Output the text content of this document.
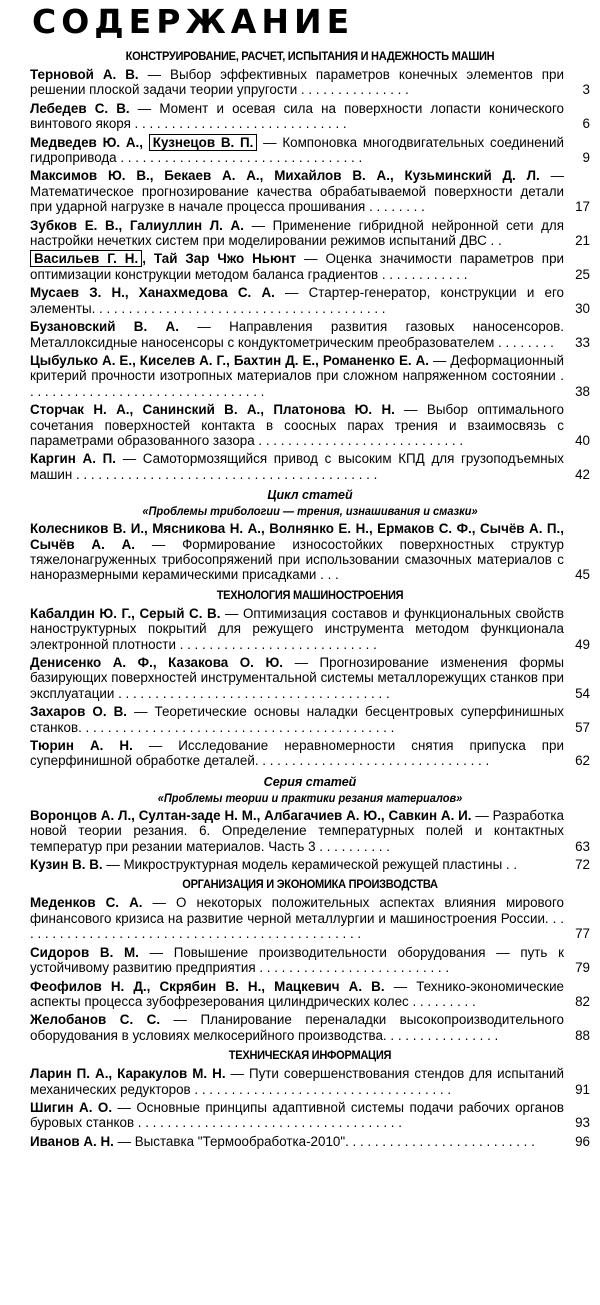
СОДЕРЖАНИЕ
КОНСТРУИРОВАНИЕ, РАСЧЕТ, ИСПЫТАНИЯ И НАДЕЖНОСТЬ МАШИН
Терновой А. В. — Выбор эффективных параметров конечных элементов при решении плоской задачи теории упругости . . . . . . . . . . . . . . .	3
Лебедев С. В. — Момент и осевая сила на поверхности лопасти конического винтового якоря . . . . . . . . . . . . . . . . . . . . . . . . . . . . .	6
Медведев Ю. А., Кузнецов В. П. — Компоновка многодвигательных соединений гидропривода . . . . . . . . . . . . . . . . . . . . . . . . . . . . . . . . .	9
Максимов Ю. В., Бекаев А. А., Михайлов В. А., Кузьминский Д. Л. — Математическое прогнозирование качества обрабатываемой поверхности детали при ударной нагрузке в начале процесса прошивания . . . . . . . .	17
Зубков Е. В., Галиуллин Л. А. — Применение гибридной нейронной сети для настройки нечетких систем при моделировании режимов испытаний ДВС . .	21
Васильев Г. Н. , Тай Зар Чжо Ньюнт — Оценка значимости параметров при оптимизации конструкции методом баланса градиентов . . . . . . . . . . . .	25
Мусаев З. Н., Ханахмедова С. А. — Стартер-генератор, конструкции и его элементы. . . . . . . . . . . . . . . . . . . . . . . . . . . . . . . . . . . . . . . .	30
Бузановский В. А. — Направления развития газовых наносенсоров. Металлоксидные наносенсоры с кондуктометрическим преобразователем . . . . . . . .	33
Цыбулько А. Е., Киселев А. Г., Бахтин Д. Е., Романенко Е. А. — Деформационный критерий прочности изотропных материалов при сложном напряженном состоянии . . . . . . . . . . . . . . . . . . . . . . . . . . . . . . . . .	38
Сторчак Н. А., Санинский В. А., Платонова Ю. Н. — Выбор оптимального сочетания поверхностей контакта в соосных парах трения и взаимосвязь с параметрами образованного зазора . . . . . . . . . . . . . . . . . . . . . . . . . . . .	40
Каргин А. П. — Самотормозящийся привод с высоким КПД для грузоподъемных машин . . . . . . . . . . . . . . . . . . . . . . . . . . . . . . . . . . . . . . . . .	42
Цикл статей
«Проблемы трибологии — трения, изнашивания и смазки»
Колесников В. И., Мясникова Н. А., Волнянко Е. Н., Ермаков С. Ф., Сычёв А. П., Сычёв А. А. — Формирование износостойких поверхностных структур тяжелонагруженных трибосопряжений при использовании смазочных материалов с наноразмерными керамическими присадками . . .	45
ТЕХНОЛОГИЯ МАШИНОСТРОЕНИЯ
Кабалдин Ю. Г., Серый С. В. — Оптимизация составов и функциональных свойств наноструктурных покрытий для режущего инструмента методом функционала электронной плотности . . . . . . . . . . . . . . . . . . . . . . . . . . .	49
Денисенко А. Ф., Казакова О. Ю. — Прогнозирование изменения формы базирующих поверхностей инструментальной системы металлорежущих станков при эксплуатации . . . . . . . . . . . . . . . . . . . . . . . . . . . . . . . . . . . . .	54
Захаров О. В. — Теоретические основы наладки бесцентровых суперфинишных станков. . . . . . . . . . . . . . . . . . . . . . . . . . . . . . . . . . . . . . . . . . .	57
Тюрин А. Н. — Исследование неравномерности снятия припуска при суперфинишной обработке деталей. . . . . . . . . . . . . . . . . . . . . . . . . . . . . . . .	62
Серия статей
«Проблемы теории и практики резания материалов»
Воронцов А. Л., Султан-заде Н. М., Албагачиев А. Ю., Савкин А. И. — Разработка новой теории резания. 6. Определение температурных полей и контактных температур при резании материалов. Часть 3 . . . . . . . . . .	63
Кузин В. В. — Микроструктурная модель керамической режущей пластины . .	72
ОРГАНИЗАЦИЯ И ЭКОНОМИКА ПРОИЗВОДСТВА
Меденков С. А. — О некоторых положительных аспектах влияния мирового финансового кризиса на развитие черной металлургии и машиностроения России. . . . . . . . . . . . . . . . . . . . . . . . . . . . . . . . . . . . . . . . . . . . . . . .	77
Сидоров В. М. — Повышение производительности оборудования — путь к устойчивому развитию предприятия . . . . . . . . . . . . . . . . . . . . . . . . . .	79
Феофилов Н. Д., Скрябин В. Н., Мацкевич А. В. — Технико-экономические аспекты процесса зубофрезерования цилиндрических колес . . . . . . . . .	82
Желобанов С. С. — Планирование переналадки высокопроизводительного оборудования в условиях мелкосерийного производства. . . . . . . . . . . . . . . .	88
ТЕХНИЧЕСКАЯ ИНФОРМАЦИЯ
Ларин П. А., Каракулов М. Н. — Пути совершенствования стендов для испытаний механических редукторов . . . . . . . . . . . . . . . . . . . . . . . . . . . . . . . . . . .	91
Шигин А. О. — Основные принципы адаптивной системы подачи рабочих органов буровых станков . . . . . . . . . . . . . . . . . . . . . . . . . . . . . . . . . . . .	93
Иванов А. Н. — Выставка "Термообработка-2010". . . . . . . . . . . . . . . . . . . . . . . . . .	96
